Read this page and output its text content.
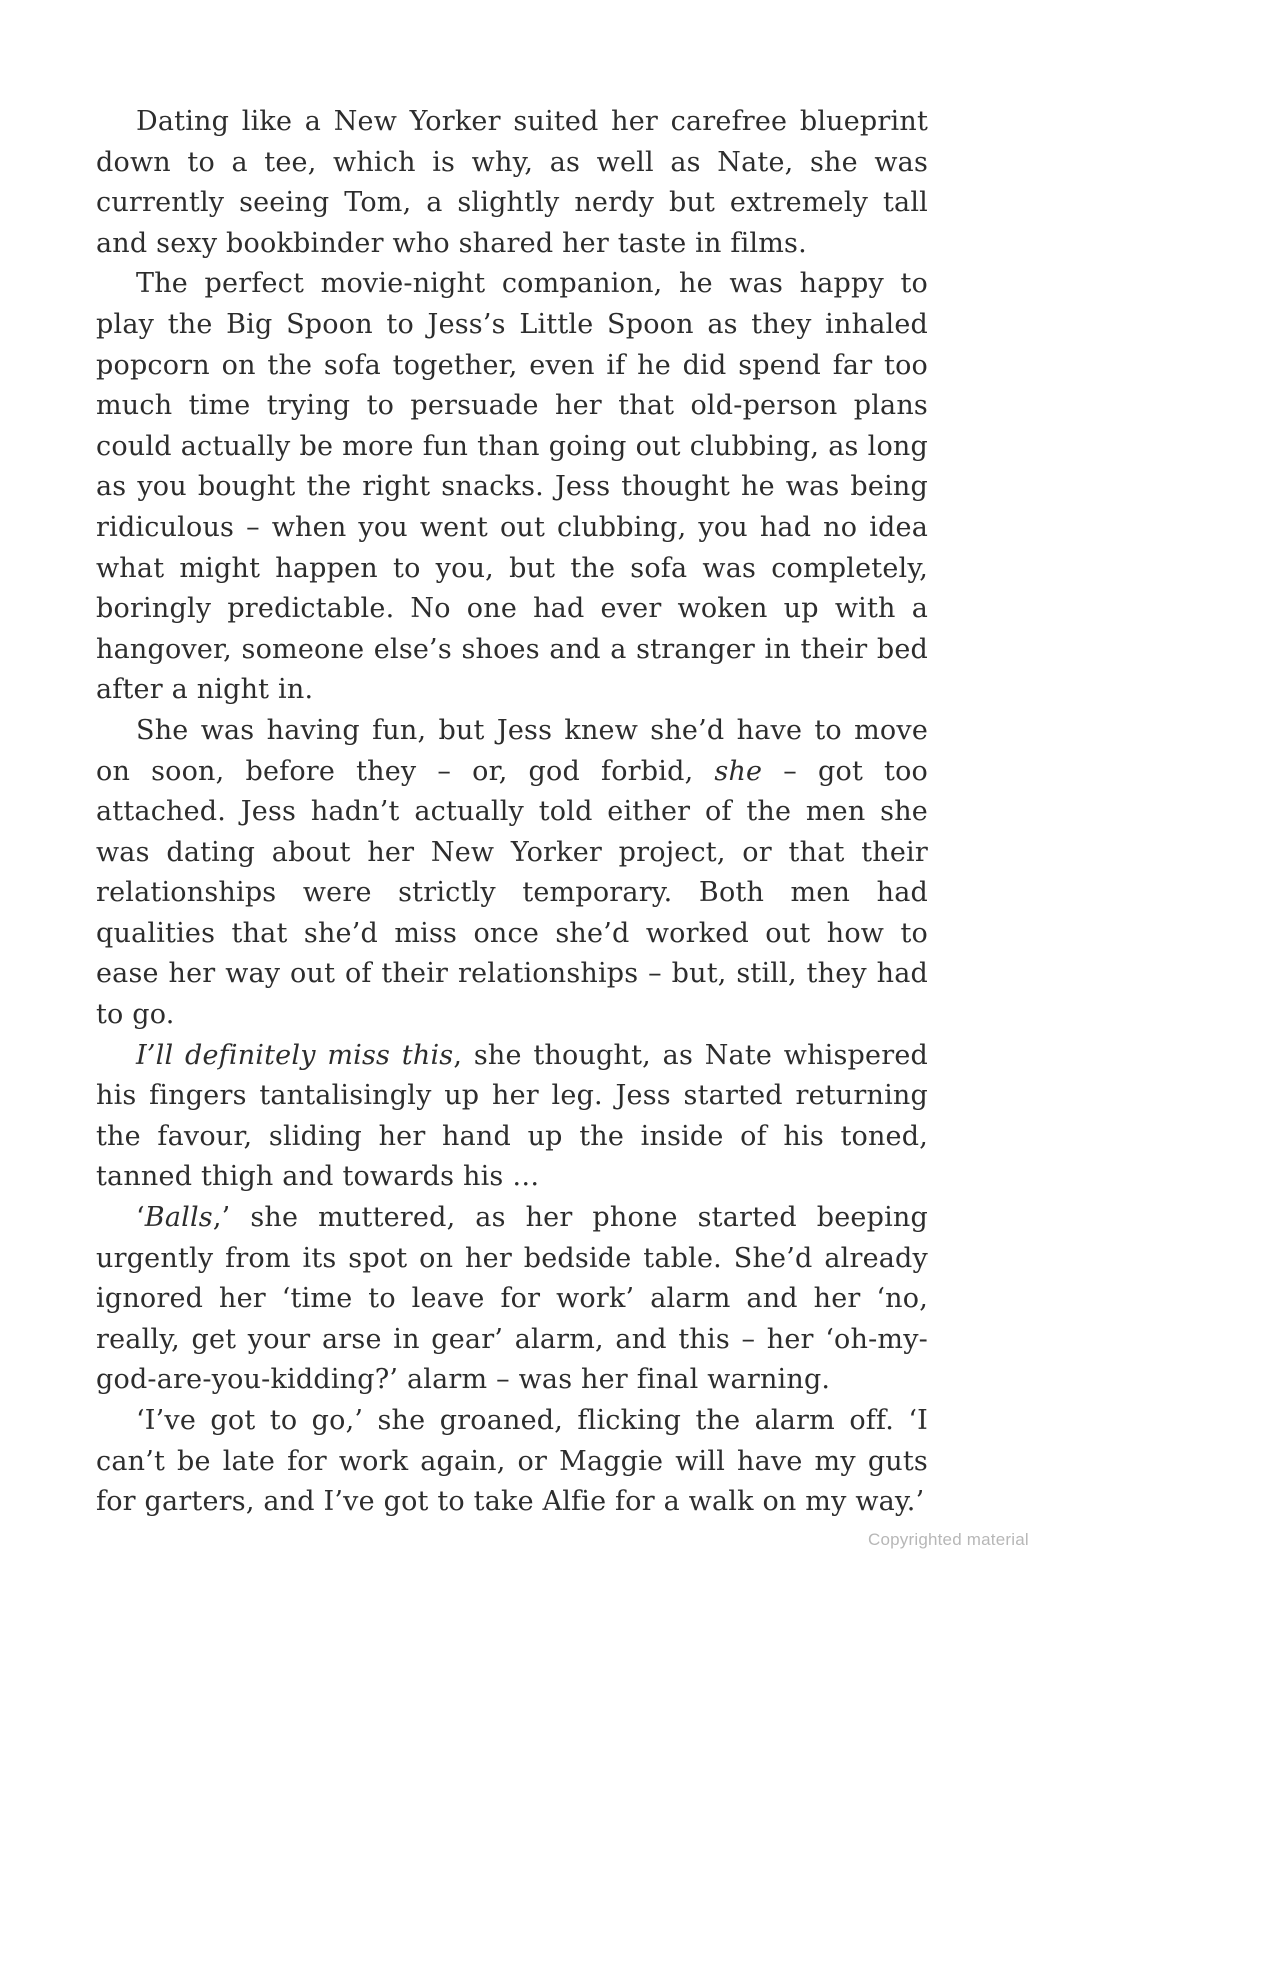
Dating like a New Yorker suited her carefree blueprint down to a tee, which is why, as well as Nate, she was currently seeing Tom, a slightly nerdy but extremely tall and sexy bookbinder who shared her taste in films.

The perfect movie-night companion, he was happy to play the Big Spoon to Jess’s Little Spoon as they inhaled popcorn on the sofa together, even if he did spend far too much time trying to persuade her that old-person plans could actually be more fun than going out clubbing, as long as you bought the right snacks. Jess thought he was being ridiculous – when you went out clubbing, you had no idea what might happen to you, but the sofa was completely, boringly predictable. No one had ever woken up with a hangover, someone else’s shoes and a stranger in their bed after a night in.

She was having fun, but Jess knew she’d have to move on soon, before they – or, god forbid, she – got too attached. Jess hadn’t actually told either of the men she was dating about her New Yorker project, or that their relationships were strictly temporary. Both men had qualities that she’d miss once she’d worked out how to ease her way out of their relationships – but, still, they had to go.

I’ll definitely miss this, she thought, as Nate whispered his fingers tantalisingly up her leg. Jess started returning the favour, sliding her hand up the inside of his toned, tanned thigh and towards his …

‘Balls,’ she muttered, as her phone started beeping urgently from its spot on her bedside table. She’d already ignored her ‘time to leave for work’ alarm and her ‘no, really, get your arse in gear’ alarm, and this – her ‘oh-my-god-are-you-kidding?’ alarm – was her final warning.

‘I’ve got to go,’ she groaned, flicking the alarm off. ‘I can’t be late for work again, or Maggie will have my guts for garters, and I’ve got to take Alfie for a walk on my way.’

Copyrighted material
